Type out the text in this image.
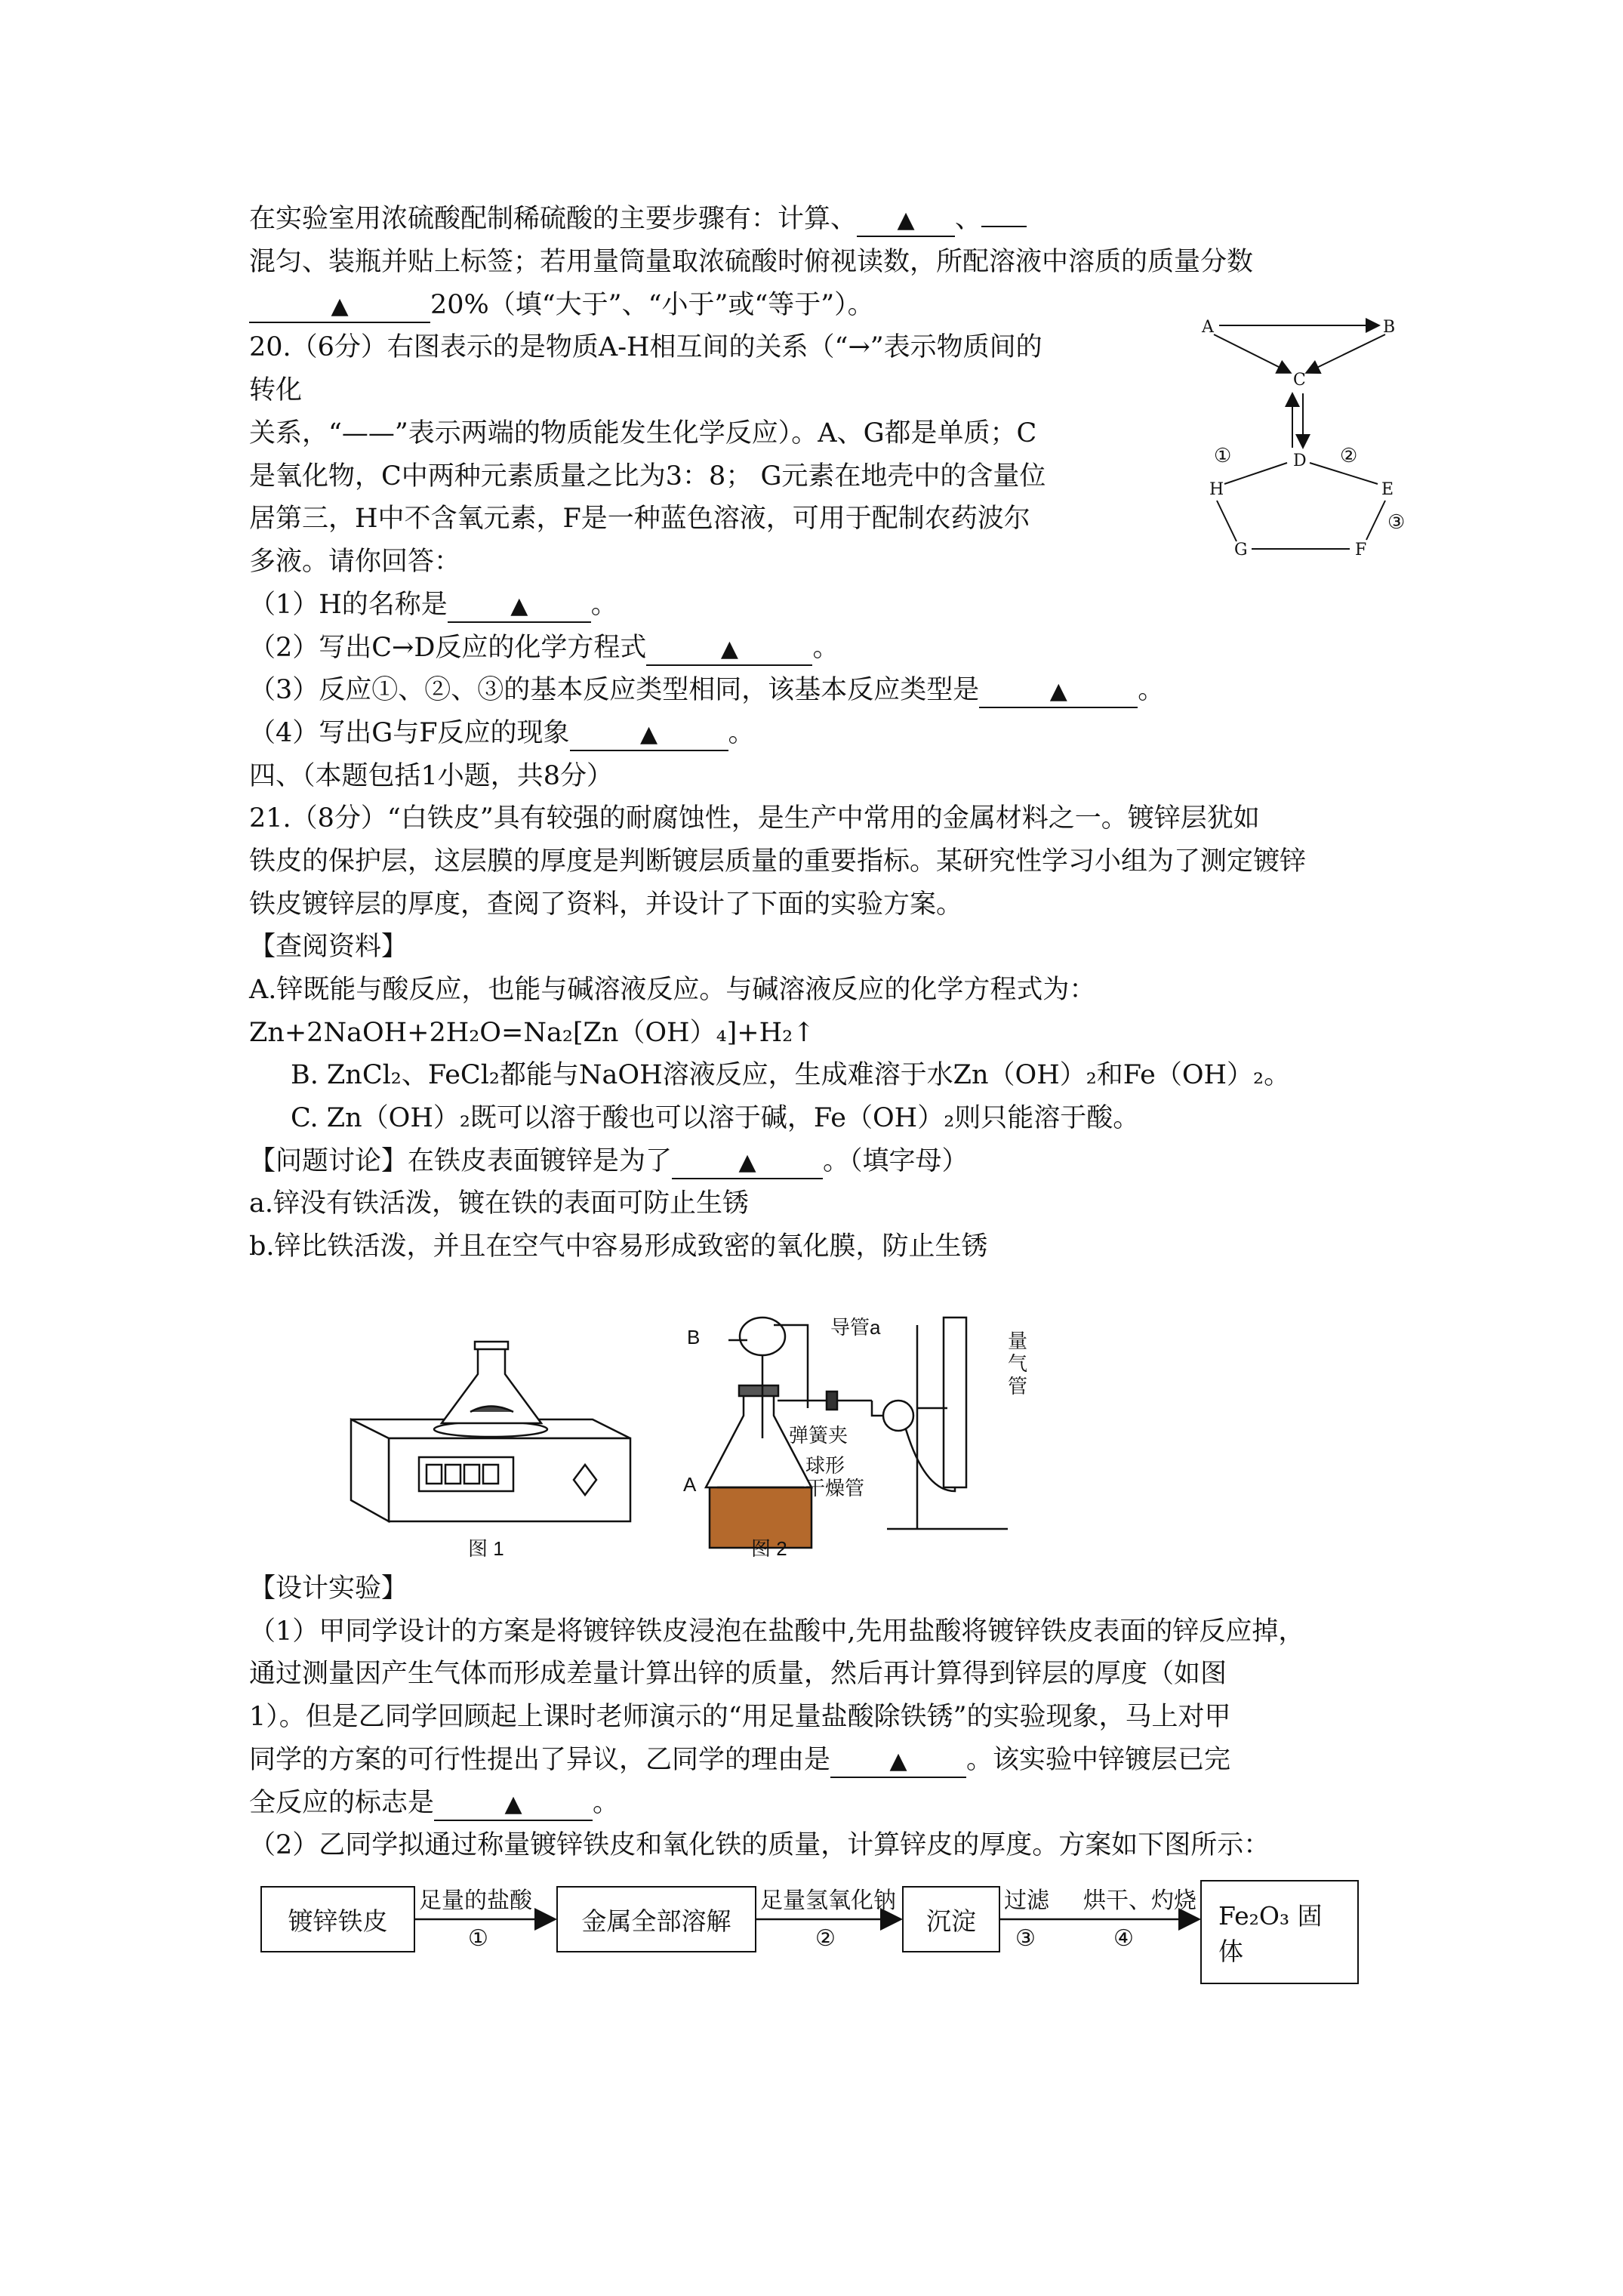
在实验室用浓硫酸配制稀硫酸的主要步骤有：计算、 ▲ 、
混匀、装瓶并贴上标签；若用量筒量取浓硫酸时俯视读数，所配溶液中溶质的质量分数
▲	20%（填“大于”、“小于”或“等于”）。
20.（6分）右图表示的是物质A-H相互间的关系（“→”表示物质间的
转化
关系，“——”表示两端的物质能发生化学反应）。A、G都是单质；C
是氧化物，C中两种元素质量之比为3：8； G元素在地壳中的含量位
居第三，H中不含氧元素，F是一种蓝色溶液，可用于配制农药波尔
多液。请你回答：
（1）H的名称是	▲ 。
（2）写出C→D反应的化学方程式	▲	。
（3）反应①、②、③的基本反应类型相同，该基本反应类型是	▲	。
（4）写出G与F反应的现象	▲	。
A	B
C
D
H	E
G	F
①	②
③
四、（本题包括1小题，共8分）
21.（8分）“白铁皮”具有较强的耐腐蚀性，是生产中常用的金属材料之一。镀锌层犹如
铁皮的保护层，这层膜的厚度是判断镀层质量的重要指标。某研究性学习小组为了测定镀锌
铁皮镀锌层的厚度，查阅了资料，并设计了下面的实验方案。
【查阅资料】
A.锌既能与酸反应，也能与碱溶液反应。与碱溶液反应的化学方程式为：
Zn+2NaOH+2H₂O=Na₂[Zn（OH）₄]+H₂↑
B. ZnCl₂、FeCl₂都能与NaOH溶液反应，生成难溶于水Zn（OH）₂和Fe（OH）₂。
C. Zn（OH）₂既可以溶于酸也可以溶于碱，Fe（OH）₂则只能溶于酸。
【问题讨论】在铁皮表面镀锌是为了	▲	。（填字母）
a.锌没有铁活泼，镀在铁的表面可防止生锈
b.锌比铁活泼，并且在空气中容易形成致密的氧化膜，防止生锈
图 1	图 2
B
A
导管a
弹簧夹
球形
干燥管
量
气
管
【设计实验】
（1）甲同学设计的方案是将镀锌铁皮浸泡在盐酸中,先用盐酸将镀锌铁皮表面的锌反应掉，
通过测量因产生气体而形成差量计算出锌的质量，然后再计算得到锌层的厚度（如图
1）。但是乙同学回顾起上课时老师演示的“用足量盐酸除铁锈”的实验现象，马上对甲
同学的方案的可行性提出了异议，乙同学的理由是	▲ 。该实验中锌镀层已完
全反应的标志是	▲	。
（2）乙同学拟通过称量镀锌铁皮和氧化铁的质量，计算锌皮的厚度。方案如下图所示：
镀锌铁皮	金属全部溶解	沉淀	Fe₂O₃ 固
体
足量的盐酸
①
足量氢氧化钠
②
过滤
③
烘干、灼烧
④
